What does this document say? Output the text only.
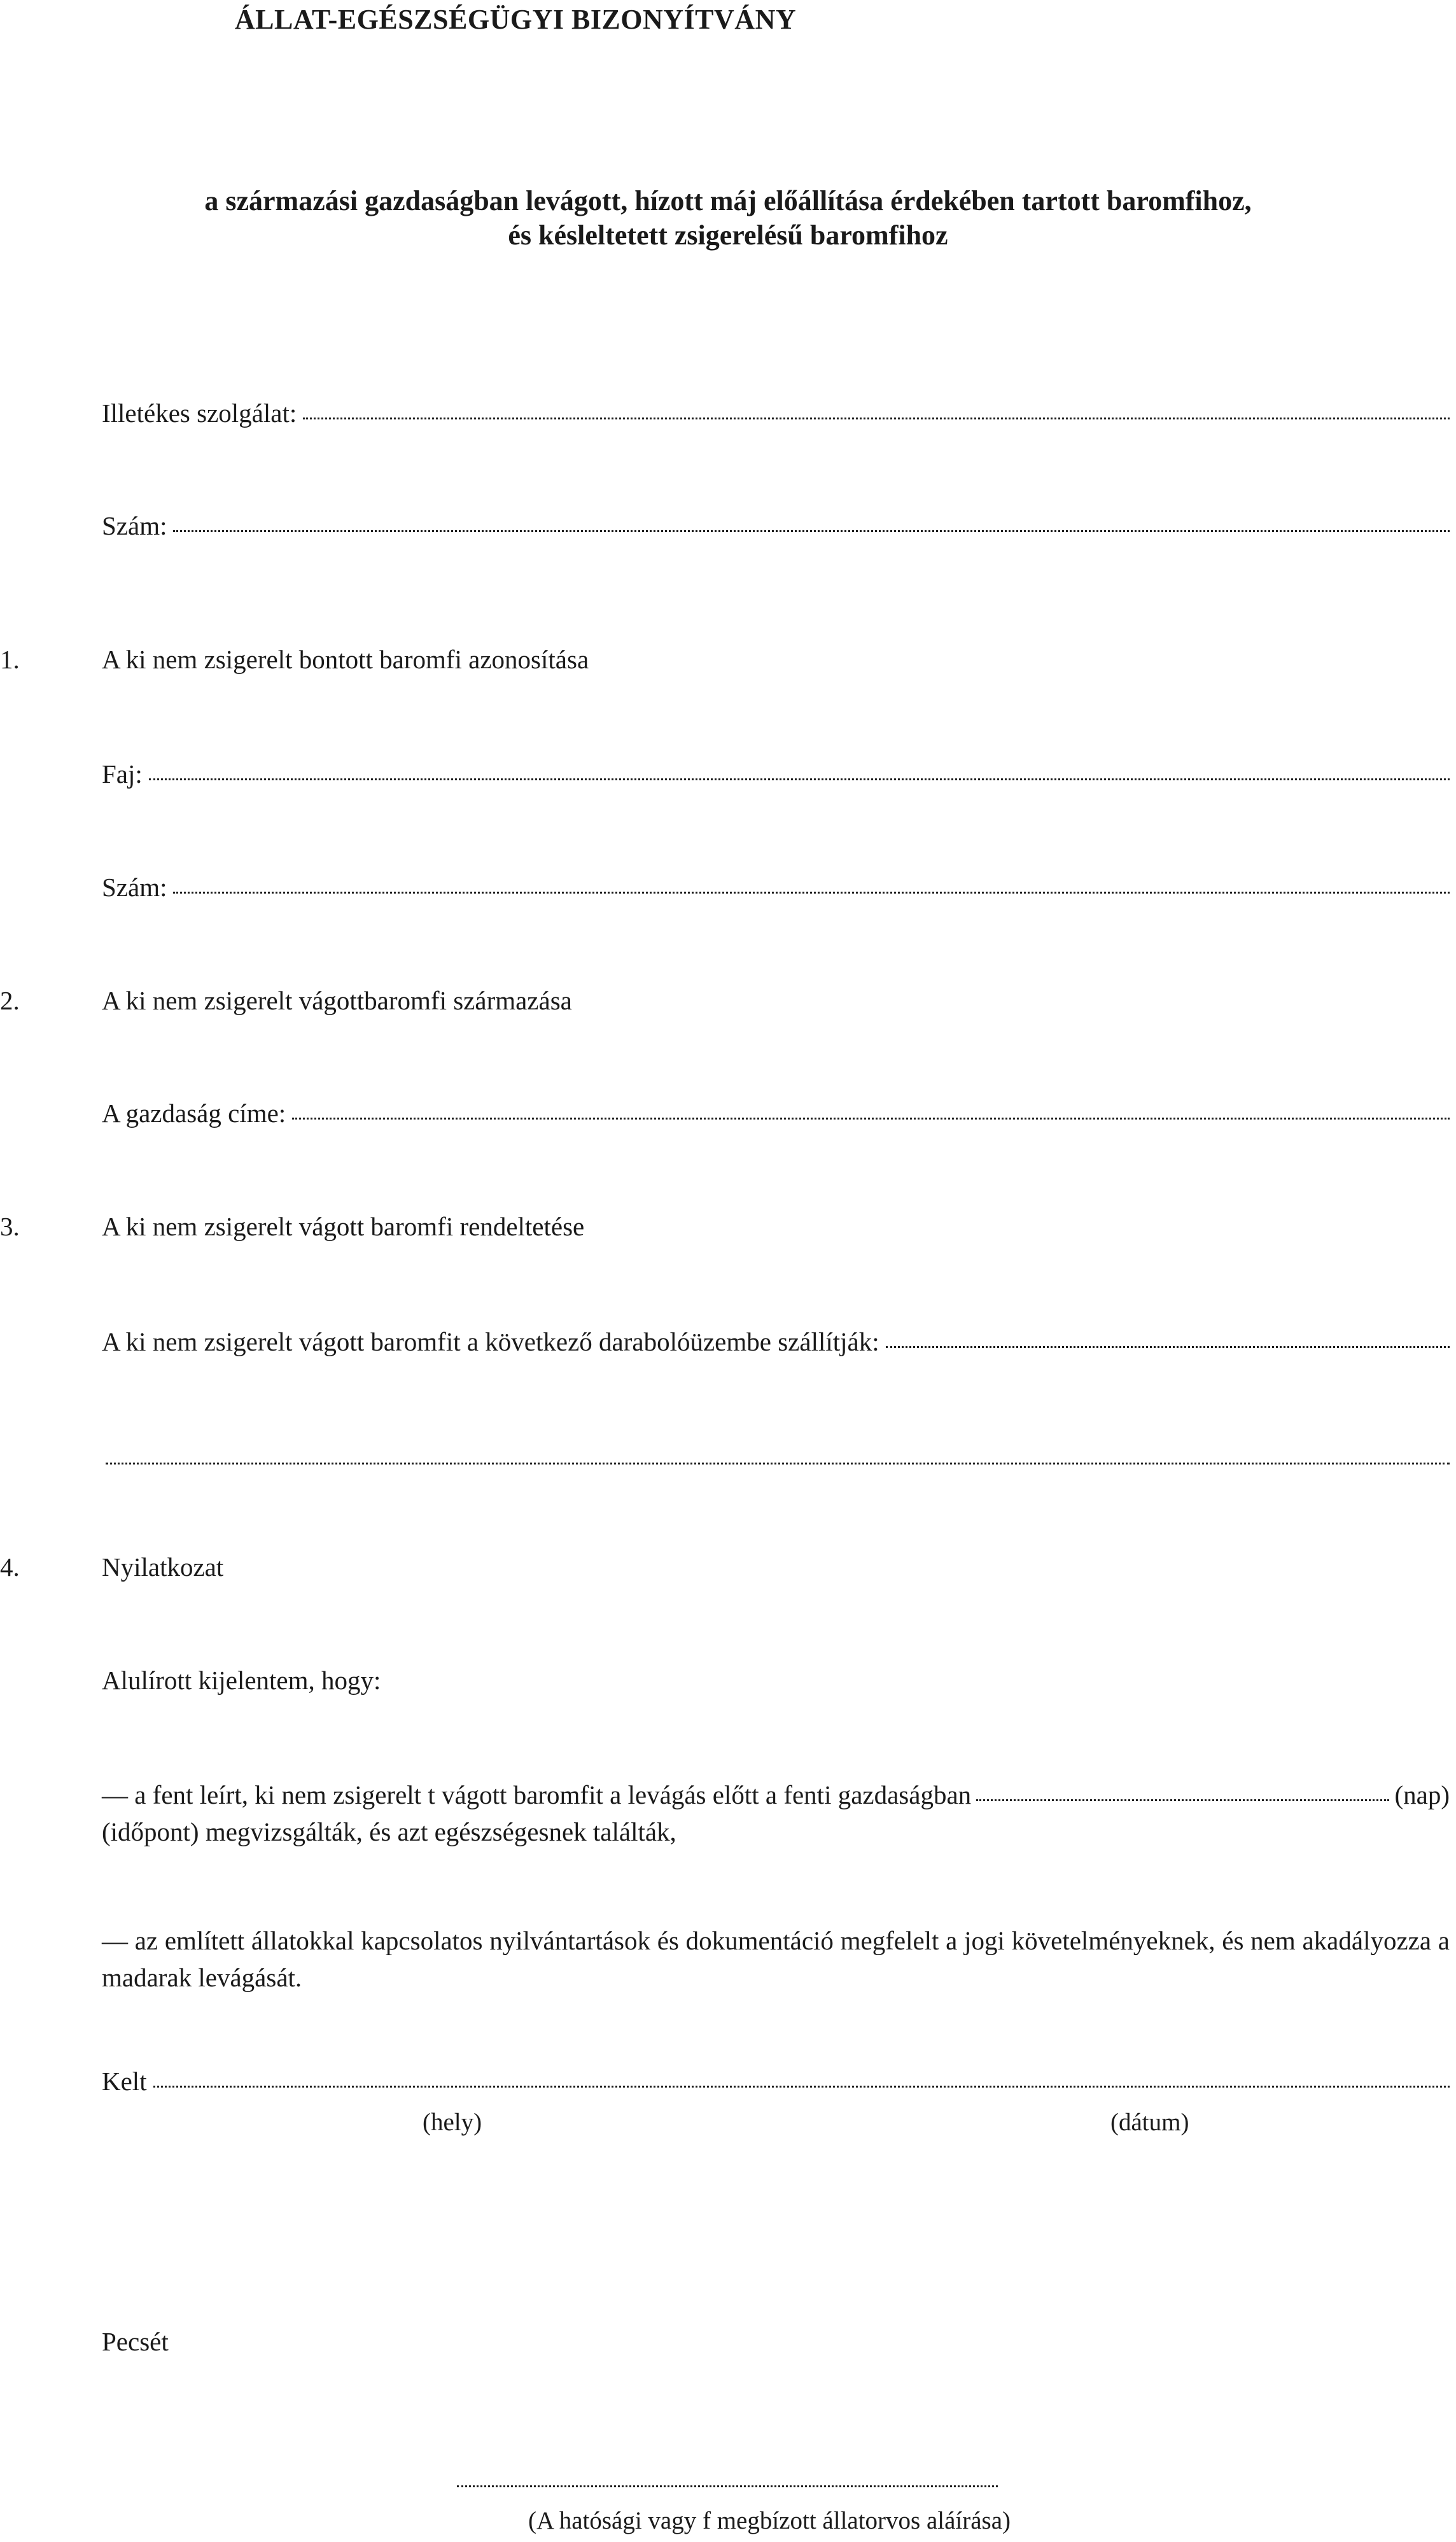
ÁLLAT-EGÉSZSÉGÜGYI BIZONYÍTVÁNY
a származási gazdaságban levágott, hízott máj előállítása érdekében tartott baromfihoz,
és késleltetett zsigerelésű baromfihoz
Illetékes szolgálat:
Szám:
1.	A ki nem zsigerelt bontott baromfi azonosítása
Faj:
Szám:
2.	A ki nem zsigerelt vágottbaromfi származása
A gazdaság címe:
3.	A ki nem zsigerelt vágott baromfi rendeltetése
A ki nem zsigerelt vágott baromfit a következő darabolóüzembe szállítják:
4.	Nyilatkozat
Alulírott kijelentem, hogy:
— a fent leírt, ki nem zsigerelt t vágott baromfit a levágás előtt a fenti gazdaságban	(nap)
(időpont) megvizsgálták, és azt egészségesnek találták,
— az említett állatokkal kapcsolatos nyilvántartások és dokumentáció megfelelt a jogi követelményeknek, és nem akadályozza a madarak levágását.
Kelt
(hely)	(dátum)
Pecsét
(A hatósági vagy f megbízott állatorvos aláírása)
